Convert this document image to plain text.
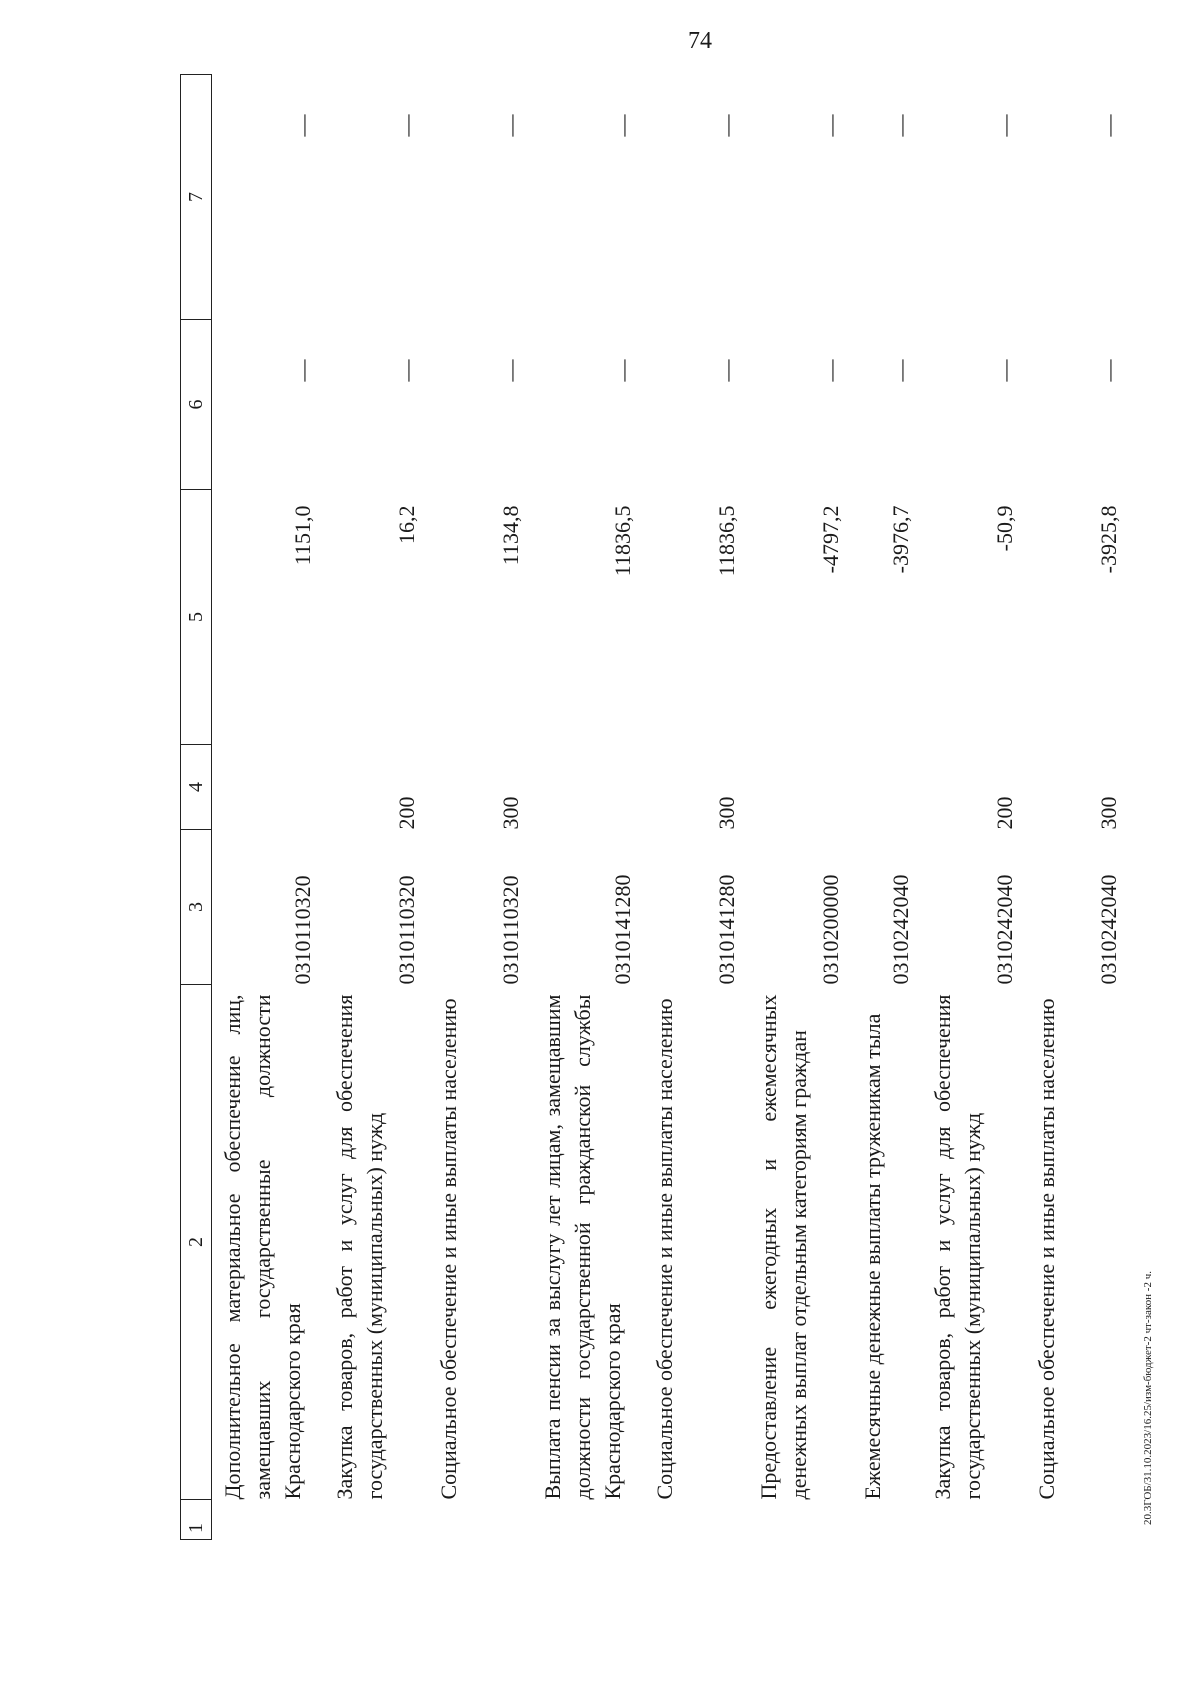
74
20.3ГОБ/31.10.2023/16.25/изм-бюджет-2 чт-закон -2 ч.
1	2	3	4	5	6	7
	Дополнительное материальное обеспечение лиц, замещавших государственные должности Краснодарского края	0310110320		1151,0	—	—
	Закупка товаров, работ и услуг для обеспечения государственных (муниципальных) нужд	0310110320	200	16,2	—	—
	Социальное обеспечение и иные выплаты населению	0310110320	300	1134,8	—	—
	Выплата пенсии за выслугу лет лицам, замещавшим должности государственной гражданской службы Краснодарского края	0310141280		11836,5	—	—
	Социальное обеспечение и иные выплаты населению	0310141280	300	11836,5	—	—
	Предоставление ежегодных и ежемесячных денежных выплат отдельным категориям граждан	0310200000		-4797,2	—	—
	Ежемесячные денежные выплаты труженикам тыла	0310242040		-3976,7	—	—
	Закупка товаров, работ и услуг для обеспечения государственных (муниципальных) нужд	0310242040	200	-50,9	—	—
	Социальное обеспечение и иные выплаты населению	0310242040	300	-3925,8	—	—
